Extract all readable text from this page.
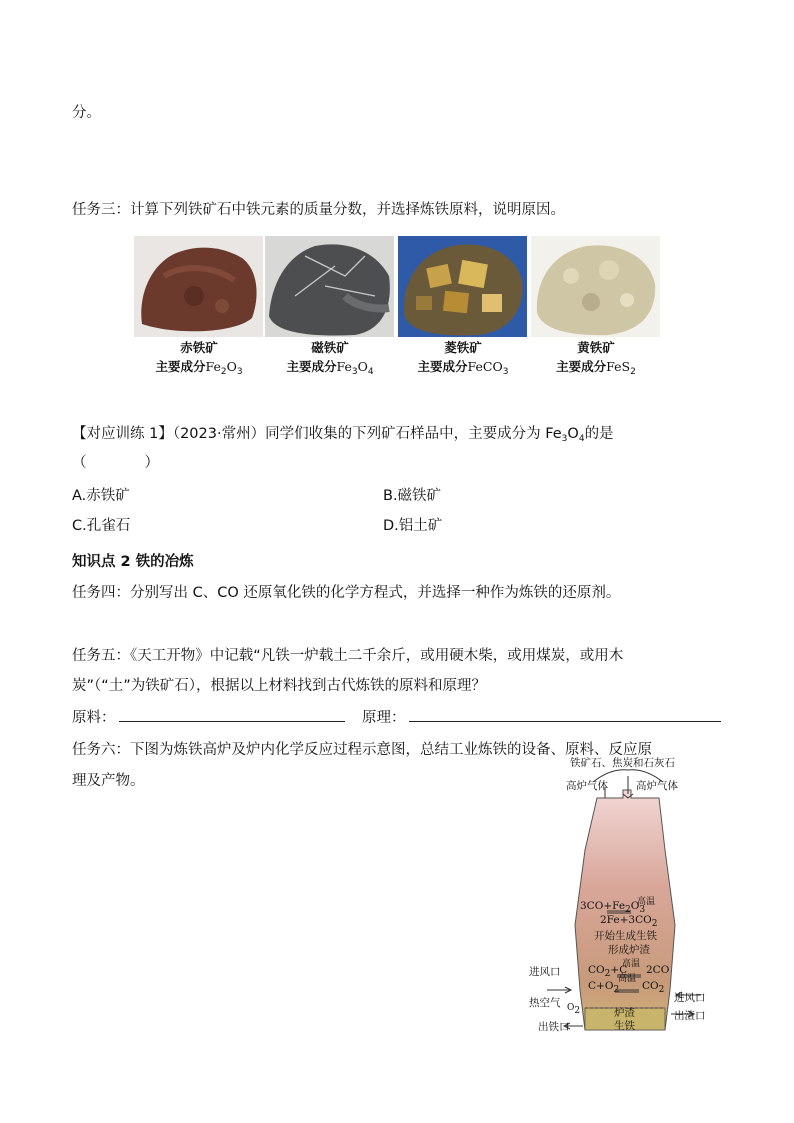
分。
任务三：计算下列铁矿石中铁元素的质量分数，并选择炼铁原料，说明原因。
赤铁矿
主要成分$Fe_2O_3$
磁铁矿
主要成分$Fe_3O_4$
菱铁矿
主要成分FeCO$_3$
黄铁矿
主要成分FeS$_2$
【对应训练 1】（2023·常州）同学们收集的下列矿石样品中，主要成分为 $Fe_3O_4$的是
（　　　　）
A.赤铁矿	B.磁铁矿
C.孔雀石	D.铝土矿
知识点 2 铁的冶炼
任务四：分别写出 C、CO 还原氧化铁的化学方程式，并选择一种作为炼铁的还原剂。
任务五：《天工开物》中记载“凡铁一炉载土二千余斤，或用硬木柴，或用煤炭，或用木
炭”（“土”为铁矿石），根据以上材料找到古代炼铁的原料和原理？
原料：	原理：
任务六：下图为炼铁高炉及炉内化学反应过程示意图，总结工业炼铁的设备、原料、反应原
理及产物。
铁矿石、焦炭和石灰石
高炉气体	高炉气体
3CO+Fe2O3
高温
2Fe+3CO2
开始生成生铁
形成炉渣
高温
CO2+C 2CO
高温
C+O2 CO2
进风口
热空气 O2
进风口
炉渣
生铁
出渣口
出铁口
